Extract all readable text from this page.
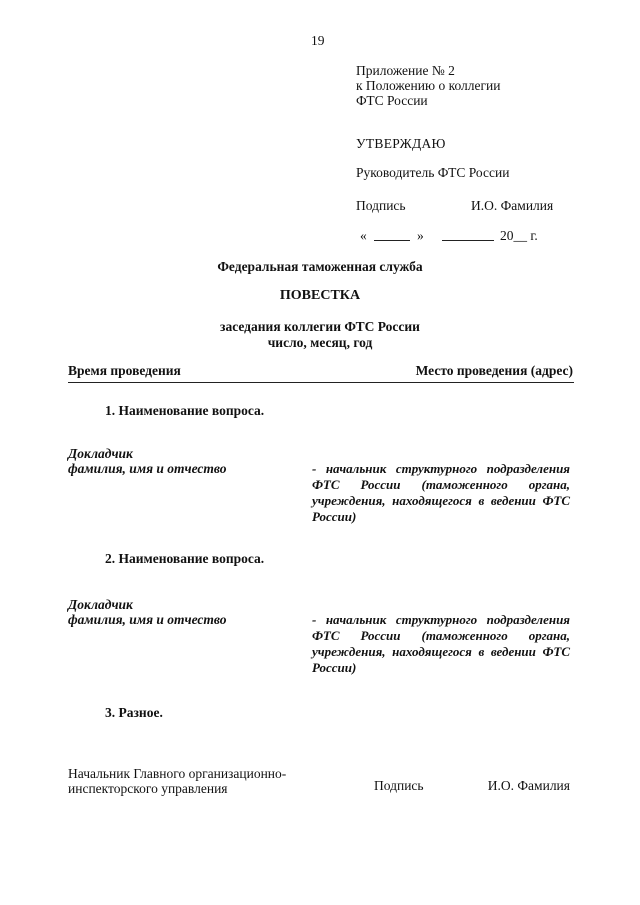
19
Приложение № 2
к Положению о коллегии
ФТС России
УТВЕРЖДАЮ
Руководитель ФТС России
Подпись	И.О. Фамилия
«	»	20__ г.
Федеральная таможенная служба
ПОВЕСТКА
заседания коллегии ФТС России
число, месяц, год
Время проведения	Место проведения (адрес)
1. Наименование вопроса.
Докладчик
фамилия, имя и отчество	- начальник структурного подразделения ФТС России (таможенного органа, учреждения, находящегося в ведении ФТС России)
2. Наименование вопроса.
Докладчик
фамилия, имя и отчество	- начальник структурного подразделения ФТС России (таможенного органа, учреждения, находящегося в ведении ФТС России)
3. Разное.
Начальник Главного организационно-
инспекторского управления	Подпись	И.О. Фамилия
